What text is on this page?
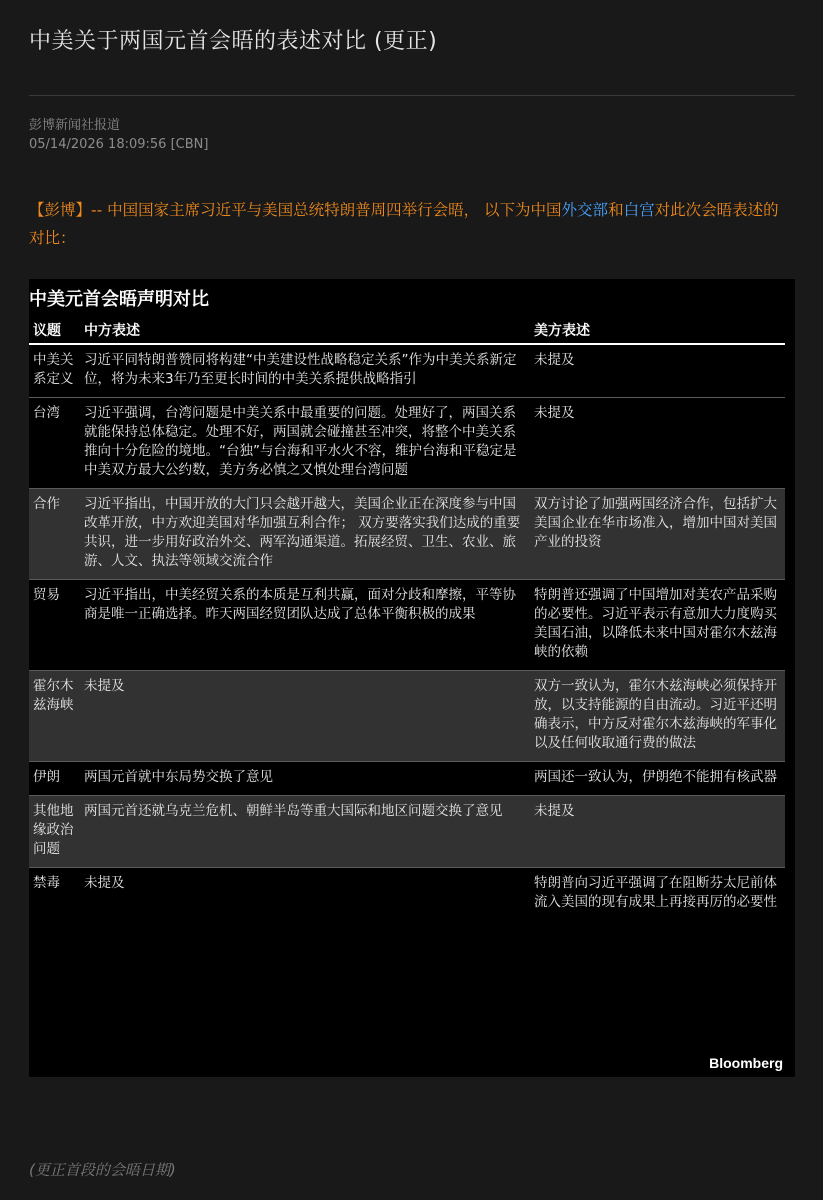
中美关于两国元首会晤的表述对比 (更正)
彭博新闻社报道
05/14/2026 18:09:56 [CBN]
【彭博】-- 中国国家主席习近平与美国总统特朗普周四举行会晤， 以下为中国外交部和白宫对此次会晤表述的对比：
中美元首会晤声明对比
议题	中方表述	美方表述
中美关系定义	习近平同特朗普赞同将构建“中美建设性战略稳定关系”作为中美关系新定位，将为未来3年乃至更长时间的中美关系提供战略指引	未提及
台湾	习近平强调，台湾问题是中美关系中最重要的问题。处理好了，两国关系就能保持总体稳定。处理不好，两国就会碰撞甚至冲突，将整个中美关系推向十分危险的境地。“台独”与台海和平水火不容，维护台海和平稳定是中美双方最大公约数，美方务必慎之又慎处理台湾问题	未提及
合作	习近平指出，中国开放的大门只会越开越大，美国企业正在深度参与中国改革开放，中方欢迎美国对华加强互利合作； 双方要落实我们达成的重要共识，进一步用好政治外交、两军沟通渠道。拓展经贸、卫生、农业、旅游、人文、执法等领域交流合作	双方讨论了加强两国经济合作，包括扩大美国企业在华市场准入，增加中国对美国产业的投资
贸易	习近平指出，中美经贸关系的本质是互利共赢，面对分歧和摩擦，平等协商是唯一正确选择。昨天两国经贸团队达成了总体平衡积极的成果	特朗普还强调了中国增加对美农产品采购的必要性。习近平表示有意加大力度购买美国石油，以降低未来中国对霍尔木兹海峡的依赖
霍尔木兹海峡	未提及	双方一致认为，霍尔木兹海峡必须保持开放，以支持能源的自由流动。习近平还明确表示，中方反对霍尔木兹海峡的军事化以及任何收取通行费的做法
伊朗	两国元首就中东局势交换了意见	两国还一致认为，伊朗绝不能拥有核武器
其他地缘政治问题	两国元首还就乌克兰危机、朝鲜半岛等重大国际和地区问题交换了意见	未提及
禁毒	未提及	特朗普向习近平强调了在阻断芬太尼前体流入美国的现有成果上再接再厉的必要性
Bloomberg
(更正首段的会晤日期)
